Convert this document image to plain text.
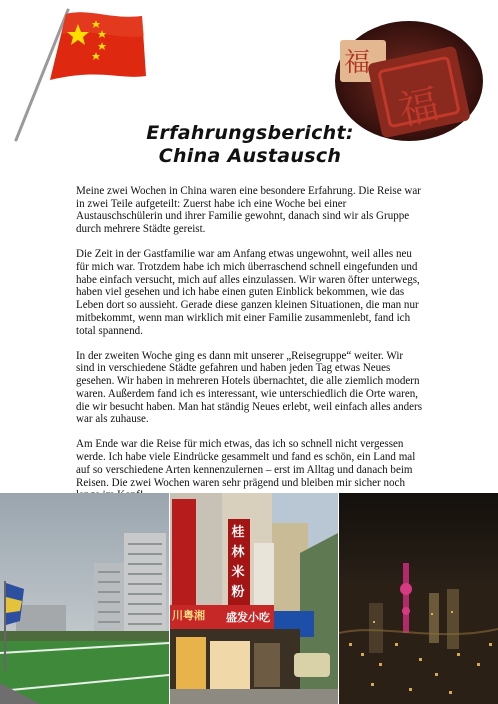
福
福
Erfahrungsbericht:
China Austausch

Meine zwei Wochen in China waren eine besondere Erfahrung. Die Reise war in zwei Teile aufgeteilt: Zuerst habe ich eine Woche bei einer Austauschschülerin und ihrer Familie gewohnt, danach sind wir als Gruppe durch mehrere Städte gereist.

Die Zeit in der Gastfamilie war am Anfang etwas ungewohnt, weil alles neu für mich war. Trotzdem habe ich mich überraschend schnell eingefunden und habe einfach versucht, mich auf alles einzulassen. Wir waren öfter unterwegs, haben viel gesehen und ich habe einen guten Einblick bekommen, wie das Leben dort so aussieht. Gerade diese ganzen kleinen Situationen, die man nur mitbekommt, wenn man wirklich mit einer Familie zusammenlebt, fand ich total spannend.

In der zweiten Woche ging es dann mit unserer „Reisegruppe“ weiter. Wir sind in verschiedene Städte gefahren und haben jeden Tag etwas Neues gesehen. Wir haben in mehreren Hotels übernachtet, die alle ziemlich modern waren. Außerdem fand ich es interessant, wie unterschiedlich die Orte waren, die wir besucht haben. Man hat ständig Neues erlebt, weil einfach alles anders war als zuhause.

Am Ende war die Reise für mich etwas, das ich so schnell nicht vergessen werde. Ich habe viele Eindrücke gesammelt und fand es schön, ein Land mal auf so verschiedene Arten kennenzulernen – erst im Alltag und danach beim Reisen. Die zwei Wochen waren sehr prägend und bleiben mir sicher noch

川粤湘 盛发小吃
桂
林
米
粉
